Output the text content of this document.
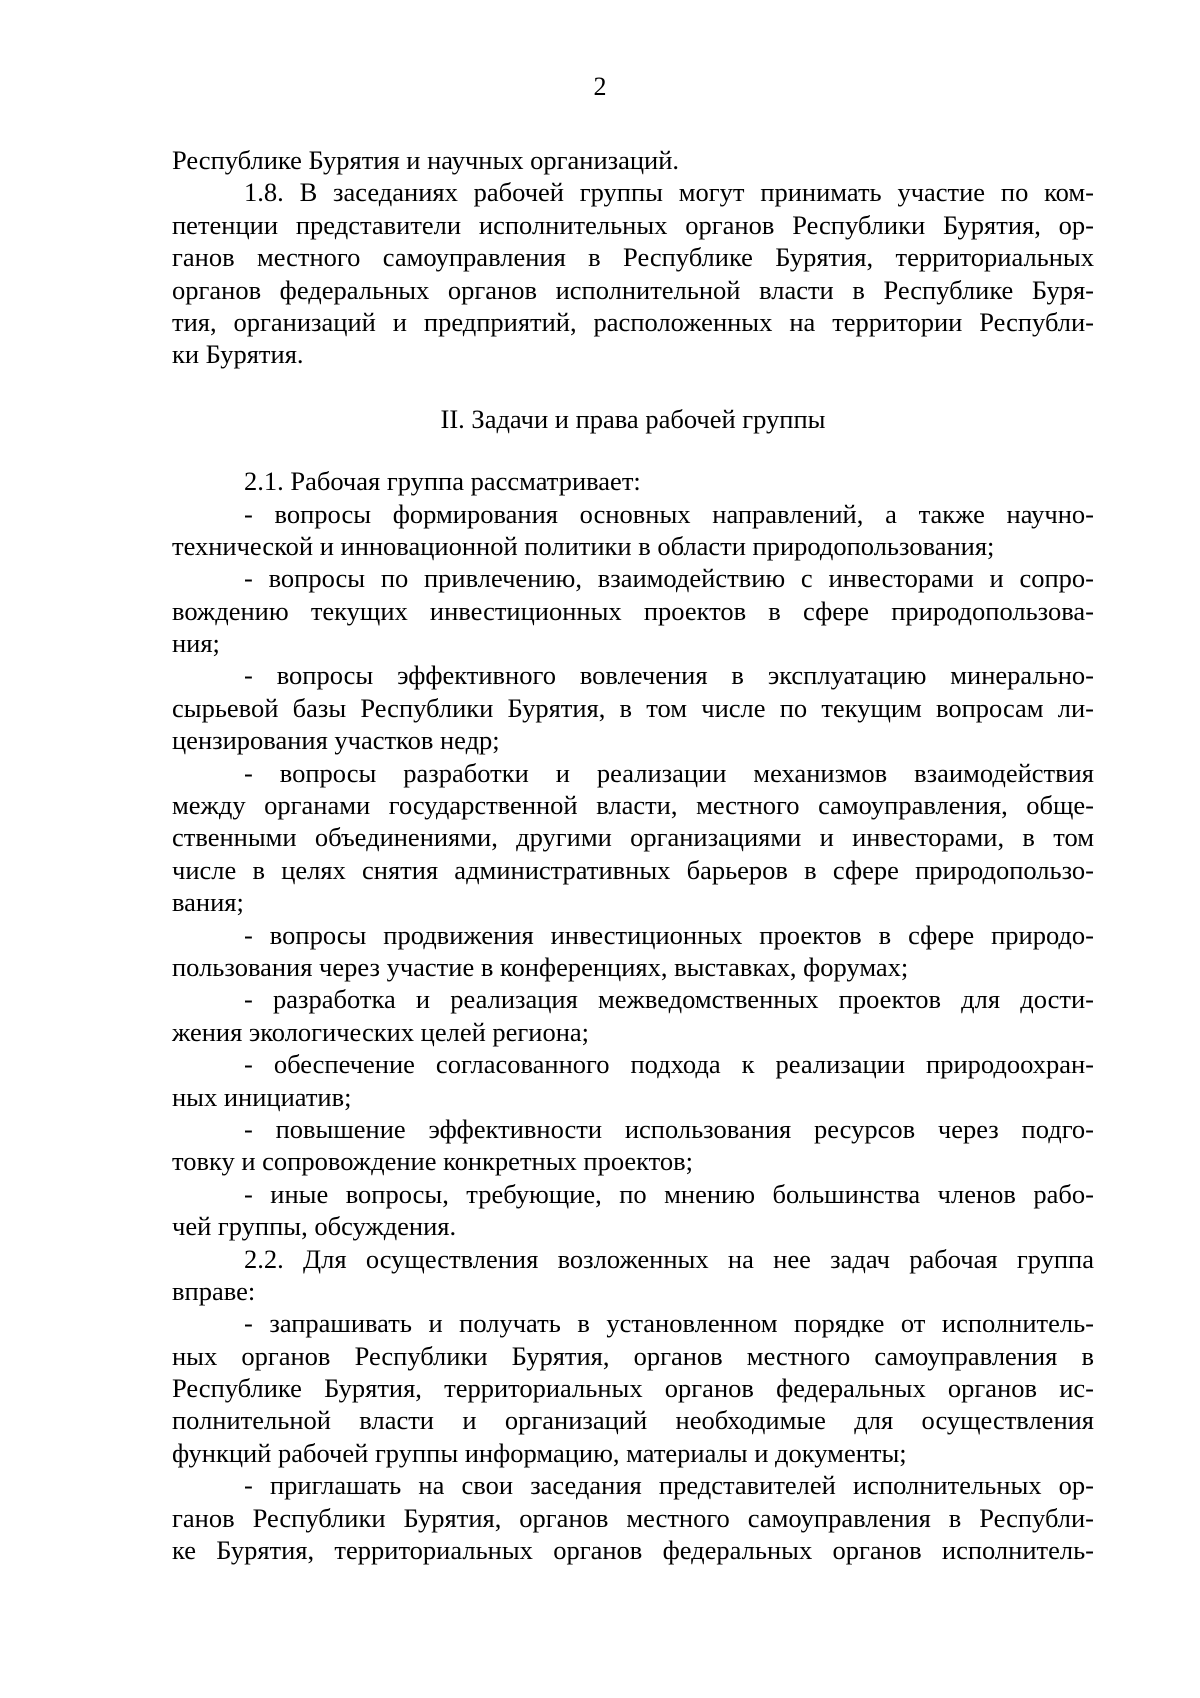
2
Республике Бурятия и научных организаций.
1.8. В заседаниях рабочей группы могут принимать участие по ком-
петенции представители исполнительных органов Республики Бурятия, ор-
ганов местного самоуправления в Республике Бурятия, территориальных
органов федеральных органов исполнительной власти в Республике Буря-
тия, организаций и предприятий, расположенных на территории Республи-
ки Бурятия.
II. Задачи и права рабочей группы
2.1. Рабочая группа рассматривает:
- вопросы формирования основных направлений, а также научно-
технической и инновационной политики в области природопользования;
- вопросы по привлечению, взаимодействию с инвесторами и сопро-
вождению текущих инвестиционных проектов в сфере природопользова-
ния;
- вопросы эффективного вовлечения в эксплуатацию минерально-
сырьевой базы Республики Бурятия, в том числе по текущим вопросам ли-
цензирования участков недр;
- вопросы разработки и реализации механизмов взаимодействия
между органами государственной власти, местного самоуправления, обще-
ственными объединениями, другими организациями и инвесторами, в том
числе в целях снятия административных барьеров в сфере природопользо-
вания;
- вопросы продвижения инвестиционных проектов в сфере природо-
пользования через участие в конференциях, выставках, форумах;
- разработка и реализация межведомственных проектов для дости-
жения экологических целей региона;
- обеспечение согласованного подхода к реализации природоохран-
ных инициатив;
- повышение эффективности использования ресурсов через подго-
товку и сопровождение конкретных проектов;
- иные вопросы, требующие, по мнению большинства членов рабо-
чей группы, обсуждения.
2.2. Для осуществления возложенных на нее задач рабочая группа
вправе:
- запрашивать и получать в установленном порядке от исполнитель-
ных органов Республики Бурятия, органов местного самоуправления в
Республике Бурятия, территориальных органов федеральных органов ис-
полнительной власти и организаций необходимые для осуществления
функций рабочей группы информацию, материалы и документы;
- приглашать на свои заседания представителей исполнительных ор-
ганов Республики Бурятия, органов местного самоуправления в Республи-
ке Бурятия, территориальных органов федеральных органов исполнитель-
